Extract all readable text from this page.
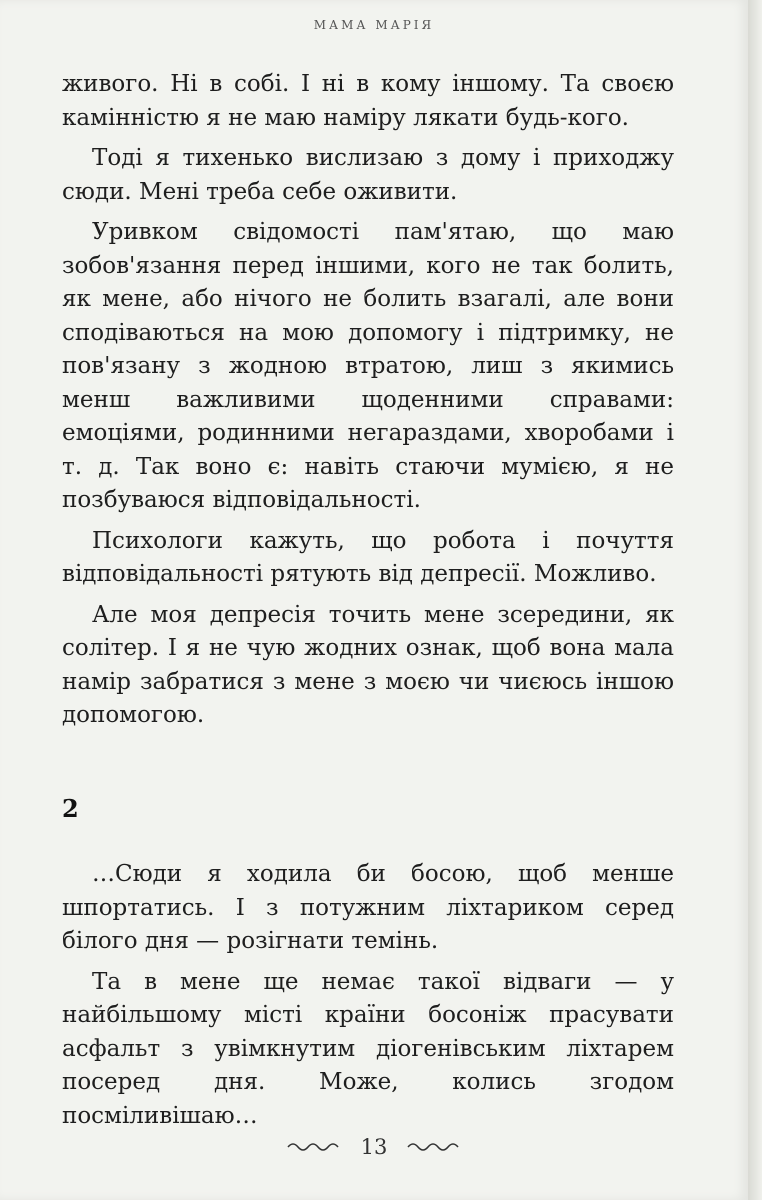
МАМА МАРІЯ

живого. Ні в собі. І ні в кому іншому. Та своєю камінністю я не маю наміру лякати будь-кого.

Тоді я тихенько вислизаю з дому і приходжу сюди. Мені треба себе оживити.

Уривком свідомості пам'ятаю, що маю зобов'язання перед іншими, кого не так болить, як мене, або нічого не болить взагалі, але вони сподіваються на мою допомогу і підтримку, не пов'язану з жодною втратою, лиш з якимись менш важливими щоденними справами: емоціями, родинними негараздами, хворобами і т. д. Так воно є: навіть стаючи мумією, я не позбуваюся відповідальності.

Психологи кажуть, що робота і почуття відповідальності рятують від депресії. Можливо.

Але моя депресія точить мене зсередини, як солітер. І я не чую жодних ознак, щоб вона мала намір забратися з мене з моєю чи чиєюсь іншою допомогою.

2

…Сюди я ходила би босою, щоб менше шпортатись. І з потужним ліхтариком серед білого дня — розігнати темінь.

Та в мене ще немає такої відваги — у найбільшому місті країни босоніж прасувати асфальт з увімкнутим діогенівським ліхтарем посеред дня. Може, колись згодом посміливішаю…

13
